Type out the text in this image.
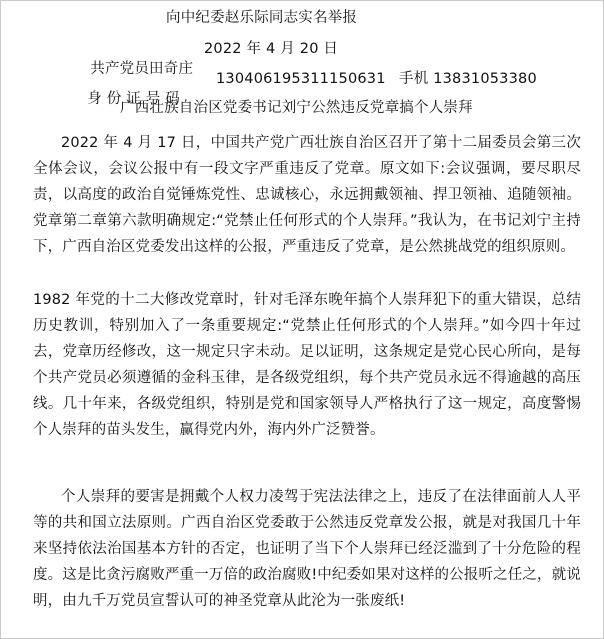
向中纪委赵乐际同志实名举报

共产党员田奇庄

2022 年 4 月 20 日

身 份 证 号 码

130406195311150631

手机 13831053380

广西壮族自治区党委书记刘宁公然违反党章搞个人崇拜
2022 年 4 月 17 日，中国共产党广西壮族自治区召开了第十二届委员会第三次全体会议，会议公报中有一段文字严重违反了党章。原文如下:会议强调，要尽职尽责，以高度的政治自觉锤炼党性、忠诚核心，永远拥戴领袖、捍卫领袖、追随领袖。党章第二章第六款明确规定:“党禁止任何形式的个人崇拜。”我认为，在书记刘宁主持下，广西自治区党委发出这样的公报，严重违反了党章，是公然挑战党的组织原则。
1982 年党的十二大修改党章时，针对毛泽东晚年搞个人崇拜犯下的重大错误，总结历史教训，特别加入了一条重要规定:“党禁止任何形式的个人崇拜。”如今四十年过去，党章历经修改，这一规定只字未动。足以证明，这条规定是党心民心所向，是每个共产党员必须遵循的金科玉律，是各级党组织，每个共产党员永远不得逾越的高压线。几十年来，各级党组织，特别是党和国家领导人严格执行了这一规定，高度警惕个人崇拜的苗头发生，赢得党内外，海内外广泛赞誉。
个人崇拜的要害是拥戴个人权力凌驾于宪法法律之上，违反了在法律面前人人平等的共和国立法原则。广西自治区党委敢于公然违反党章发公报，就是对我国几十年来坚持依法治国基本方针的否定，也证明了当下个人崇拜已经泛滥到了十分危险的程度。这是比贪污腐败严重一万倍的政治腐败!中纪委如果对这样的公报听之任之，就说明，由九千万党员宣誓认可的神圣党章从此沦为一张废纸!
